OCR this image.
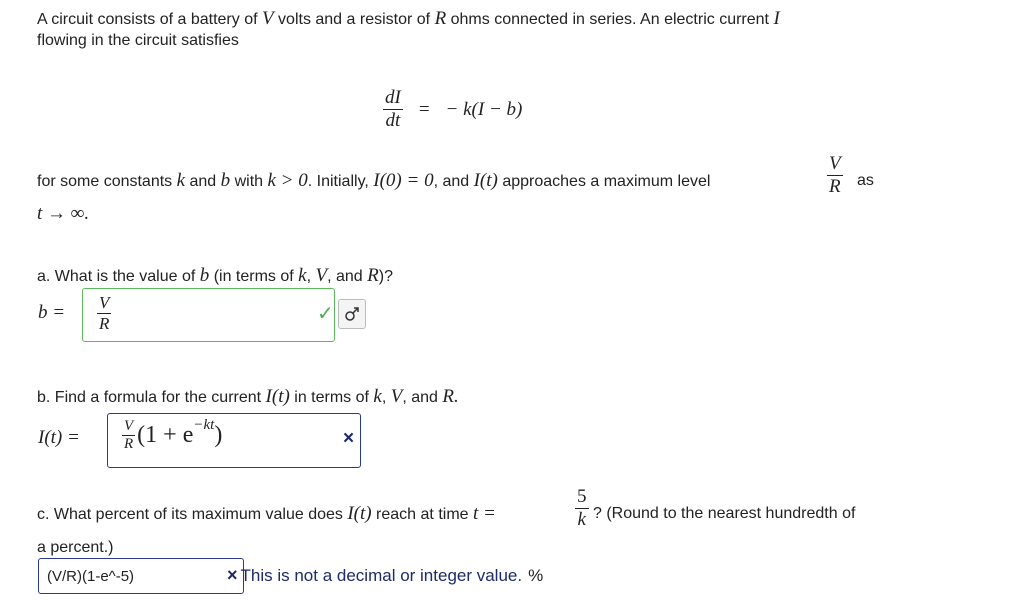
A circuit consists of a battery of V volts and a resistor of R ohms connected in series. An electric current I
flowing in the circuit satisfies
$\frac{dI}{dt}$ = − k(I − b)
for some constants k and b with k > 0. Initially, I(0) = 0, and I(t) approaches a maximum level	$\frac{V}{R}$ as
t → ∞.
a. What is the value of b (in terms of k, V, and R)?
$b = \frac{V}{R}$	✓
b. Find a formula for the current I(t) in terms of k, V, and R.
I(t) =	$\frac{V}{R} (1 + e -kt$ )	×
c. What percent of its maximum value does I(t) reach at time t =	$\frac{5}{k}$ ? (Round to the nearest hundredth of
a percent.)
(V/R)(1-e^-5)	× This is not a decimal or integer value. %
